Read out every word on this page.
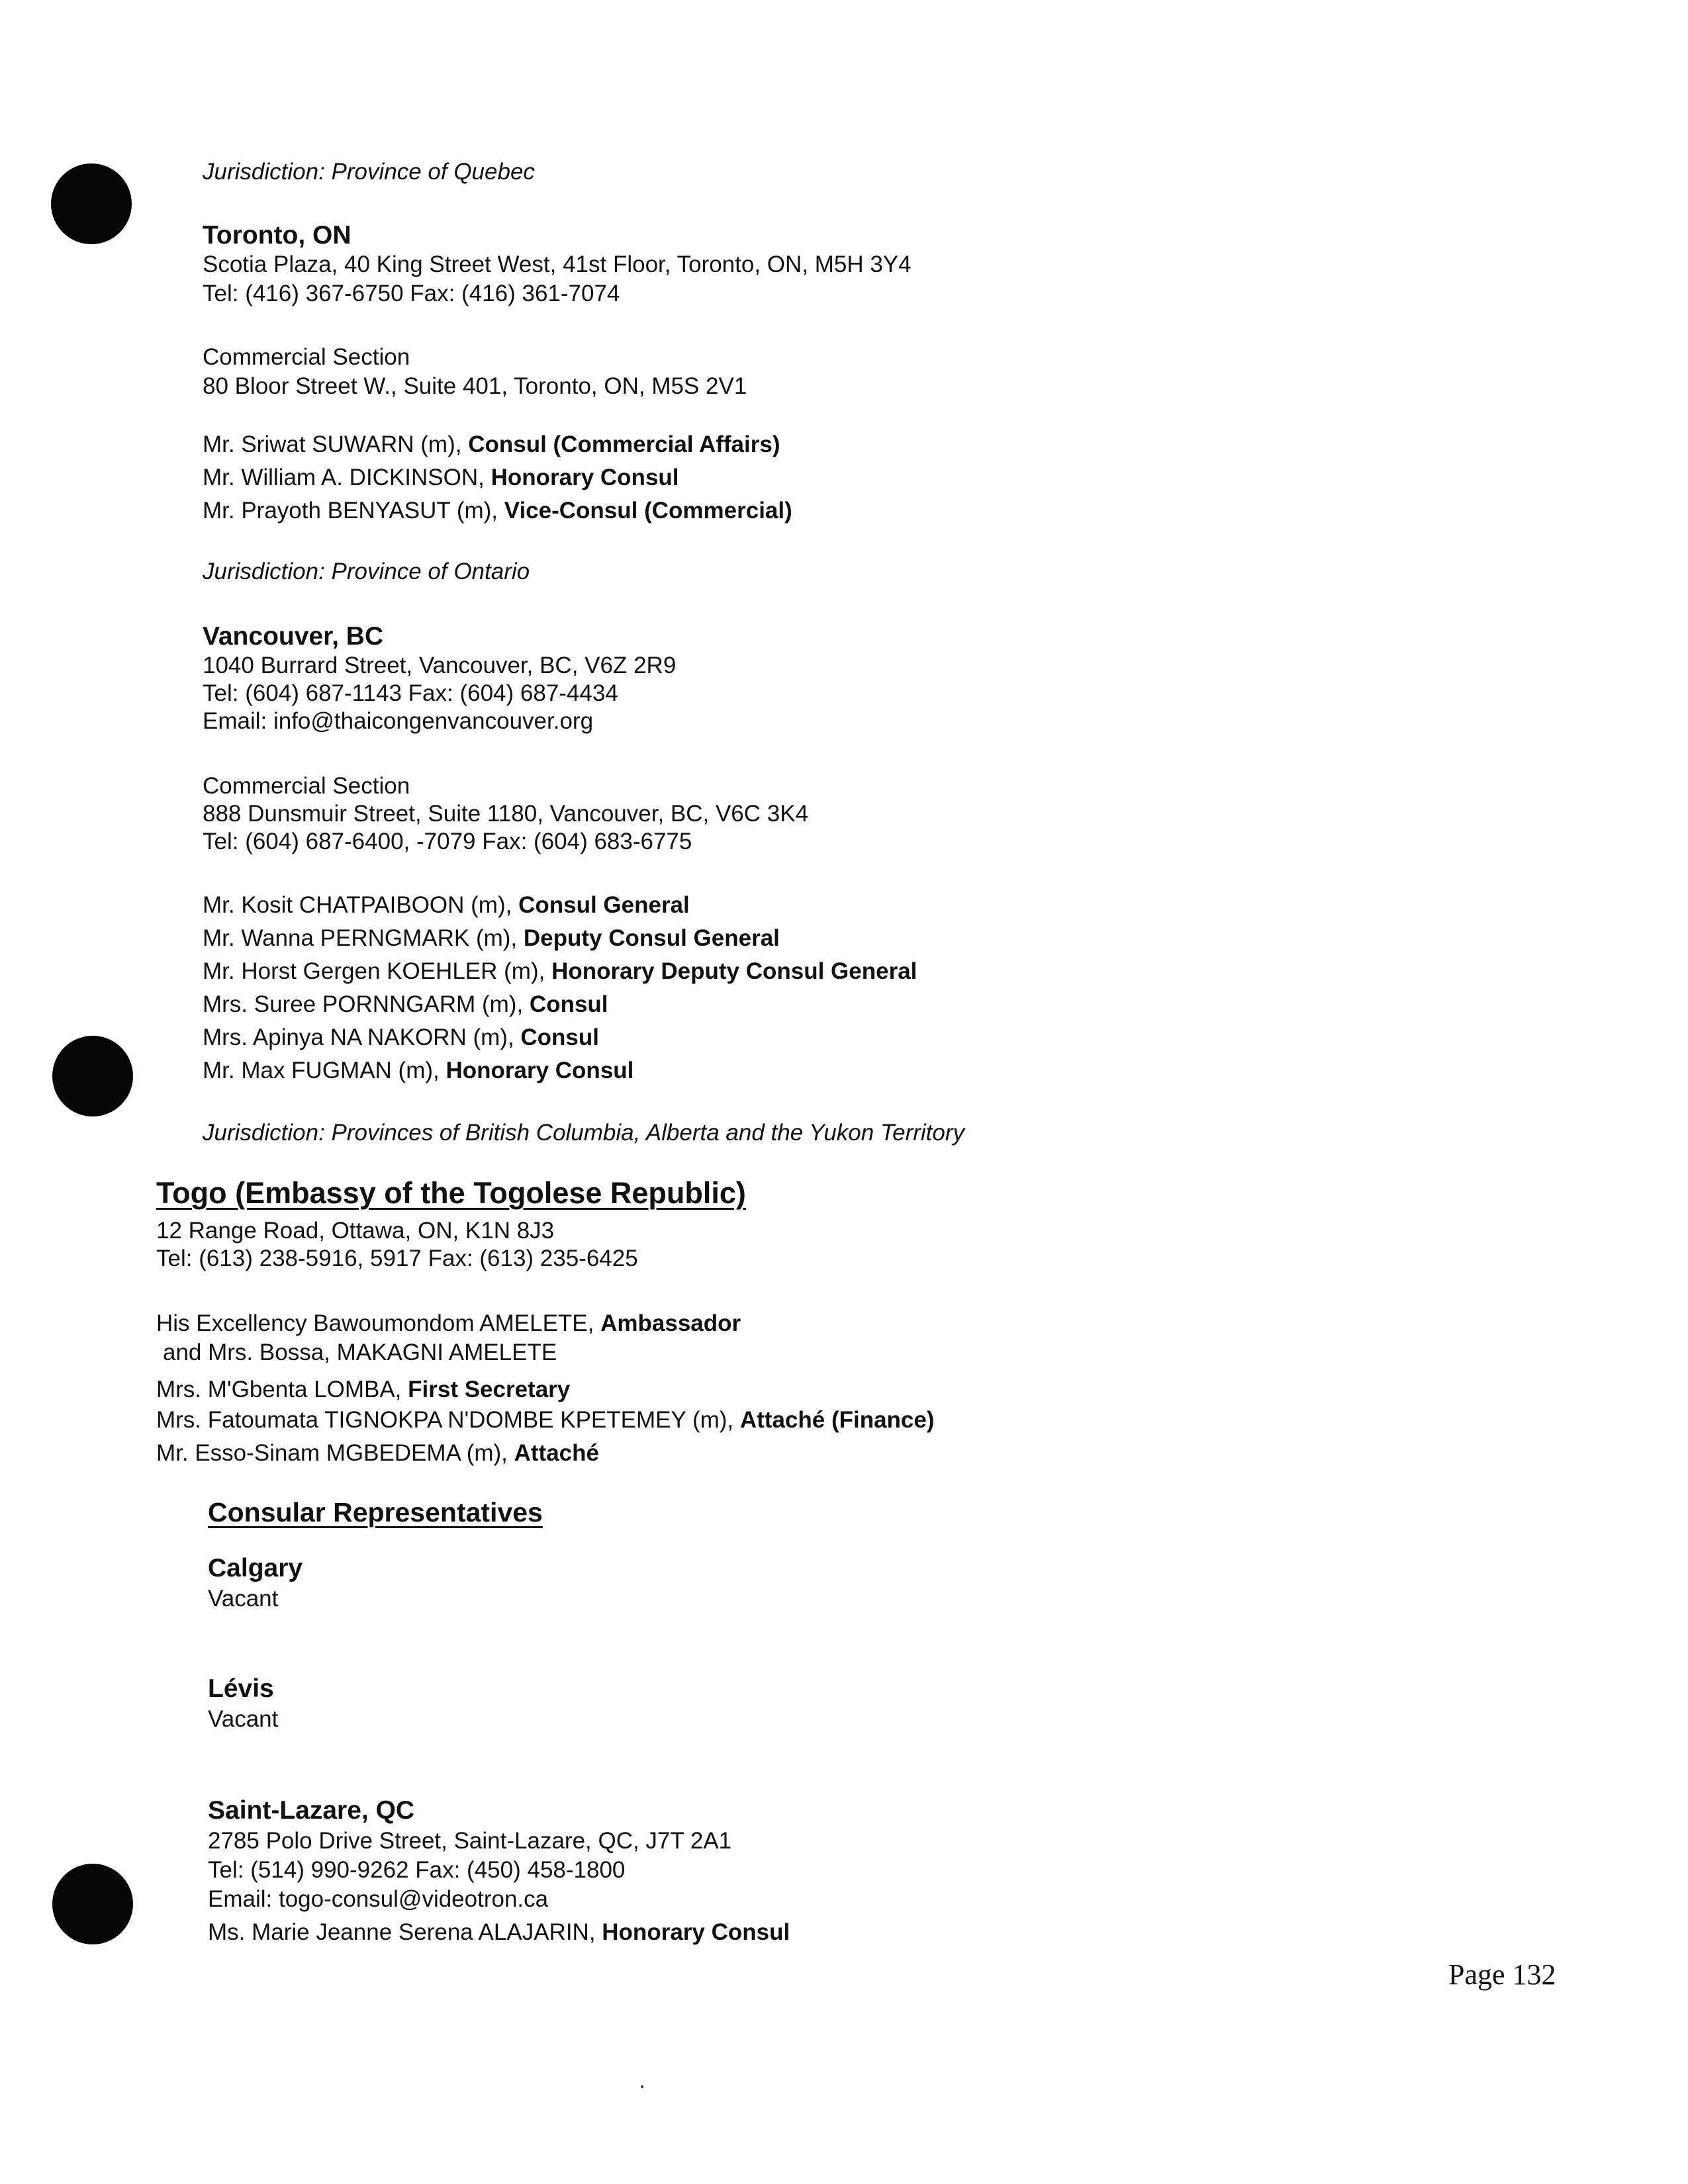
Jurisdiction: Province of Quebec
Toronto, ON
Scotia Plaza, 40 King Street West, 41st Floor, Toronto, ON, M5H 3Y4
Tel: (416) 367-6750 Fax: (416) 361-7074
Commercial Section
80 Bloor Street W., Suite 401, Toronto, ON, M5S 2V1
Mr. Sriwat SUWARN (m), Consul (Commercial Affairs)
Mr. William A. DICKINSON, Honorary Consul
Mr. Prayoth BENYASUT (m), Vice-Consul (Commercial)
Jurisdiction: Province of Ontario
Vancouver, BC
1040 Burrard Street, Vancouver, BC, V6Z 2R9
Tel: (604) 687-1143 Fax: (604) 687-4434
Email: info@thaicongenvancouver.org
Commercial Section
888 Dunsmuir Street, Suite 1180, Vancouver, BC, V6C 3K4
Tel: (604) 687-6400, -7079 Fax: (604) 683-6775
Mr. Kosit CHATPAIBOON (m), Consul General
Mr. Wanna PERNGMARK (m), Deputy Consul General
Mr. Horst Gergen KOEHLER (m), Honorary Deputy Consul General
Mrs. Suree PORNNGARM (m), Consul
Mrs. Apinya NA NAKORN (m), Consul
Mr. Max FUGMAN (m), Honorary Consul
Jurisdiction: Provinces of British Columbia, Alberta and the Yukon Territory
Togo (Embassy of the Togolese Republic)
12 Range Road, Ottawa, ON, K1N 8J3
Tel: (613) 238-5916, 5917 Fax: (613) 235-6425
His Excellency Bawoumondom AMELETE, Ambassador
and Mrs. Bossa, MAKAGNI AMELETE
Mrs. M'Gbenta LOMBA, First Secretary
Mrs. Fatoumata TIGNOKPA N'DOMBE KPETEMEY (m), Attaché (Finance)
Mr. Esso-Sinam MGBEDEMA (m), Attaché
Consular Representatives
Calgary
Vacant
Lévis
Vacant
Saint-Lazare, QC
2785 Polo Drive Street, Saint-Lazare, QC, J7T 2A1
Tel: (514) 990-9262 Fax: (450) 458-1800
Email: togo-consul@videotron.ca
Ms. Marie Jeanne Serena ALAJARIN, Honorary Consul
Page 132
